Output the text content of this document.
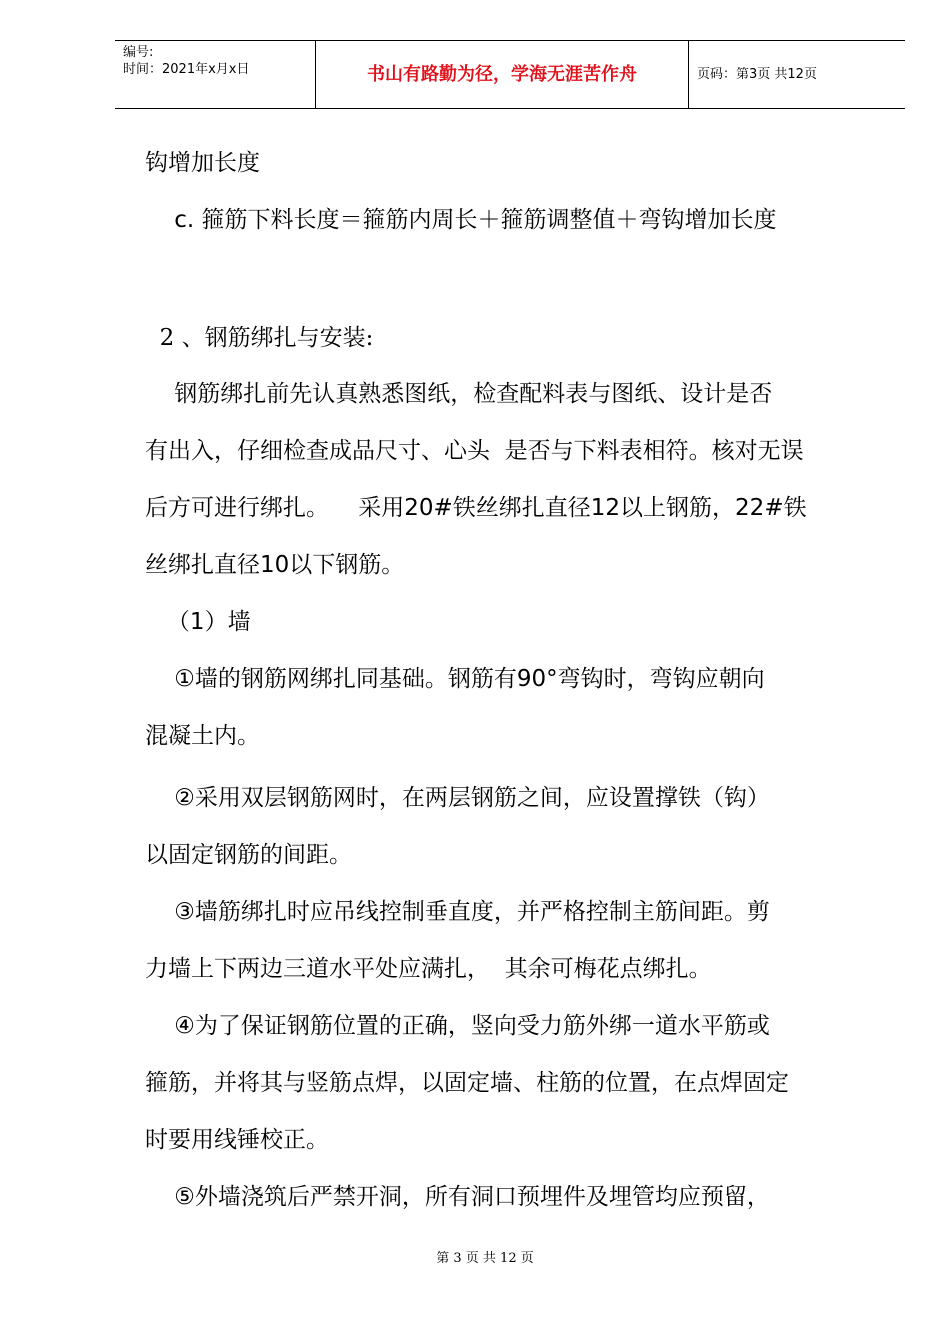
编号:
时间：2021年x月x日	书山有路勤为径，学海无涯苦作舟	页码：第3页 共12页
钩增加长度
c. 箍筋下料长度＝箍筋内周长＋箍筋调整值＋弯钩增加长度
2 、钢筋绑扎与安装:
钢筋绑扎前先认真熟悉图纸，检查配料表与图纸、设计是否
有出入，仔细检查成品尺寸、心头  是否与下料表相符。核对无误
后方可进行绑扎。    采用20#铁丝绑扎直径12以上钢筋，22#铁
丝绑扎直径10以下钢筋。
（1）墙
①墙的钢筋网绑扎同基础。钢筋有90°弯钩时，弯钩应朝向
混凝土内。
②采用双层钢筋网时，在两层钢筋之间，应设置撑铁（钩）
以固定钢筋的间距。
③墙筋绑扎时应吊线控制垂直度，并严格控制主筋间距。剪
力墙上下两边三道水平处应满扎，  其余可梅花点绑扎。
④为了保证钢筋位置的正确，竖向受力筋外绑一道水平筋或
箍筋，并将其与竖筋点焊，以固定墙、柱筋的位置，在点焊固定
时要用线锤校正。
⑤外墙浇筑后严禁开洞，所有洞口预埋件及埋管均应预留，
第 3 页 共 12 页
